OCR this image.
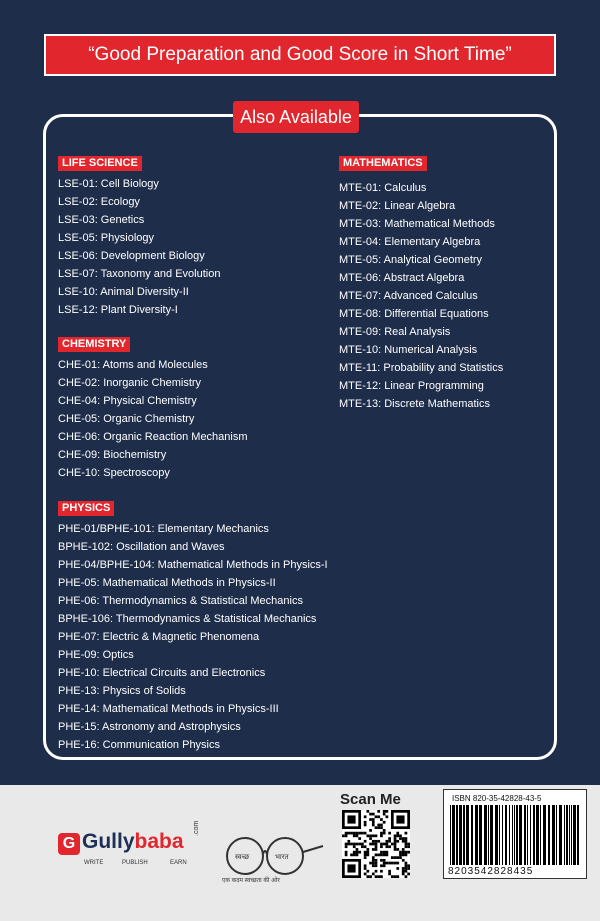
“Good Preparation and Good Score in Short Time”
Also Available
LIFE SCIENCE
LSE-01: Cell Biology
LSE-02: Ecology
LSE-03: Genetics
LSE-05: Physiology
LSE-06: Development Biology
LSE-07: Taxonomy and Evolution
LSE-10: Animal Diversity-II
LSE-12: Plant Diversity-I
CHEMISTRY
CHE-01: Atoms and Molecules
CHE-02: Inorganic Chemistry
CHE-04: Physical Chemistry
CHE-05: Organic Chemistry
CHE-06: Organic Reaction Mechanism
CHE-09: Biochemistry
CHE-10: Spectroscopy
PHYSICS
PHE-01/BPHE-101: Elementary Mechanics
BPHE-102: Oscillation and Waves
PHE-04/BPHE-104: Mathematical Methods in Physics-I
PHE-05: Mathematical Methods in Physics-II
PHE-06: Thermodynamics & Statistical Mechanics
BPHE-106: Thermodynamics & Statistical Mechanics
PHE-07: Electric & Magnetic Phenomena
PHE-09: Optics
PHE-10: Electrical Circuits and Electronics
PHE-13: Physics of Solids
PHE-14: Mathematical Methods in Physics-III
PHE-15: Astronomy and Astrophysics
PHE-16: Communication Physics
MATHEMATICS
MTE-01: Calculus
MTE-02: Linear Algebra
MTE-03: Mathematical Methods
MTE-04: Elementary Algebra
MTE-05: Analytical Geometry
MTE-06: Abstract Algebra
MTE-07: Advanced Calculus
MTE-08: Differential Equations
MTE-09: Real Analysis
MTE-10: Numerical Analysis
MTE-11: Probability and Statistics
MTE-12: Linear Programming
MTE-13: Discrete Mathematics
G Gullybaba
.com
WRITE	PUBLISH	EARN
स्वच्छ	भारत
एक कदम स्वच्छता की ओर
Scan Me	ISBN 820-35-42828-43-5
8203542828435
